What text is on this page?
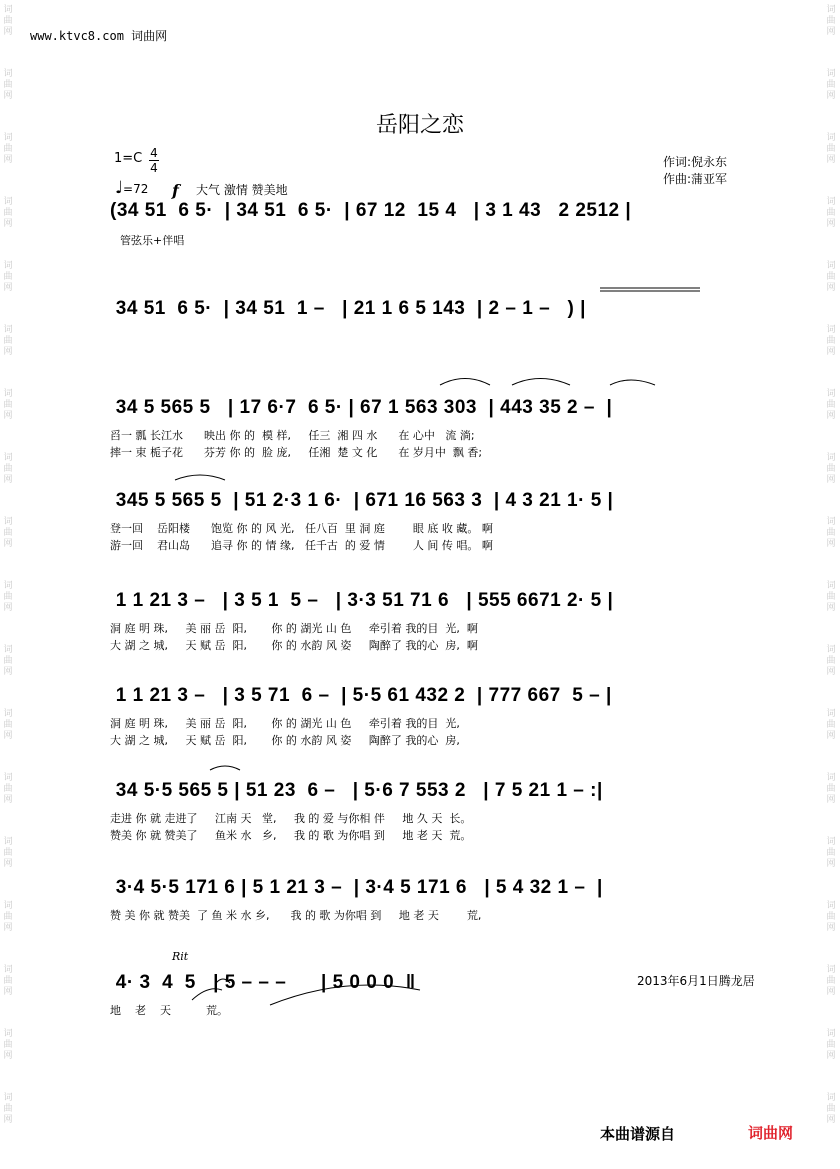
词
曲
网
词
曲
网
词
曲
网
词
曲
网
词
曲
网
词
曲
网
词
曲
网
词
曲
网
词
曲
网
词
曲
网
词
曲
网
词
曲
网
词
曲
网
词
曲
网
词
曲
网
词
曲
网
词
曲
网
词
曲
网
词
曲
网
词
曲
网
词
曲
网
词
曲
网
词
曲
网
词
曲
网
词
曲
网
词
曲
网
词
曲
网
词
曲
网
词
曲
网
词
曲
网
词
曲
网
词
曲
网
词
曲
网
词
曲
网
词
曲
网
词
曲
网
www.ktvc8.com 词曲网
岳阳之恋
作词:倪永东
作曲:蒲亚军
1=C 4
4
♩=72 f 大气 激情 赞美地
管弦乐+伴唱
(34 51  6 5·  | 34 51  6 5·  | 67 12  15 4   | 3 1 43   2 2512 |
34 51  6 5·  | 34 51  1 –   | 21 1 6 5 143  | 2 – 1 –   ) |
34 5 565 5   | 17 6·7  6 5· | 67 1 563 303  | 443 35 2 –  |
舀一 瓢 长江水      映出 你 的  模 样,     任三  湘 四 水      在 心中   流 淌;
摔一 束 栀子花      芬芳 你 的  脸 庞,     任湘  楚 文 化      在 岁月中  飘 香;
345 5 565 5  | 51 2·3 1 6·  | 671 16 563 3  | 4 3 21 1· 5 |
登一回    岳阳楼      饱览 你 的 风 光,   任八百  里 洞 庭        眼 底 收 藏。 啊
游一回    君山岛      追寻 你 的 情 缘,   任千古  的 爱 情        人 间 传 唱。 啊
1 1 21 3 –   | 3 5 1  5 –   | 3·3 51 71 6   | 555 6671 2· 5 |
洞 庭 明 珠,     美 丽 岳  阳,       你 的 湖光 山 色     牵引着 我的目  光,  啊
大 湖 之 城,     天 赋 岳  阳,       你 的 水韵 风 姿     陶醉了 我的心  房,  啊
1 1 21 3 –   | 3 5 71  6 –  | 5·5 61 432 2  | 777 667  5 – |
洞 庭 明 珠,     美 丽 岳  阳,       你 的 湖光 山 色     牵引着 我的目  光,
大 湖 之 城,     天 赋 岳  阳,       你 的 水韵 风 姿     陶醉了 我的心  房,
34 5·5 565 5 | 51 23  6 –   | 5·6 7 553 2   | 7 5 21 1 – :|
走进 你 就 走进了     江南 天   堂,     我 的 爱 与你相 伴     地 久 天  长。
赞美 你 就 赞美了     鱼米 水   乡,     我 的 歌 为你唱 到     地 老 天  荒。
3·4 5·5 171 6 | 5 1 21 3 –  | 3·4 5 171 6   | 5 4 32 1 –  |
赞 美 你 就 赞美  了 鱼 米 水 乡,      我 的 歌 为你唱 到     地 老 天        荒,
4· 3  4  5   | 5 – – –      | 5 0 0 0  ‖
地    老    天          荒。
Rit
2013年6月1日腾龙居
本曲谱源自	词曲网
